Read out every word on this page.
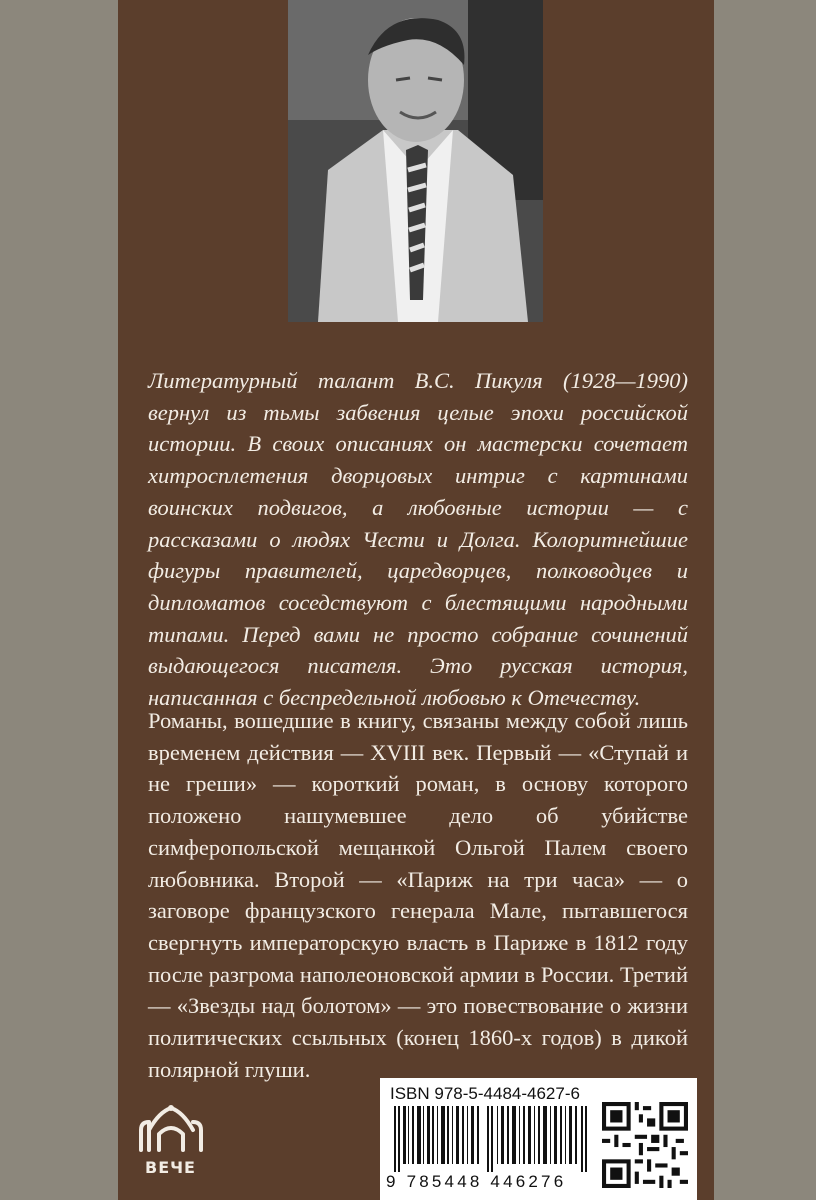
Литературный талант В.С. Пикуля (1928—1990) вернул из тьмы забвения целые эпохи российской истории. В своих описаниях он мастерски сочетает хитросплетения дворцовых интриг с картинами воинских подвигов, а любовные истории — с рассказами о людях Чести и Долга. Колоритнейшие фигуры правителей, царедворцев, полководцев и дипломатов соседствуют с блестящими народными типами. Перед вами не просто собрание сочинений выдающегося писателя. Это русская история, написанная с беспредельной любовью к Отечеству.

Романы, вошедшие в книгу, связаны между собой лишь временем действия — XVIII век. Первый — «Ступай и не греши» — короткий роман, в основу которого положено нашумевшее дело об убийстве симферопольской мещанкой Ольгой Палем своего любовника. Второй — «Париж на три часа» — о заговоре французского генерала Мале, пытавшегося свергнуть императорскую власть в Париже в 1812 году после разгрома наполеоновской армии в России. Третий — «Звезды над болотом» — это повествование о жизни политических ссыльных (конец 1860-х годов) в дикой полярной глуши.

ВЕЧЕ
ISBN 978-5-4484-4627-6
9 785448 446276
